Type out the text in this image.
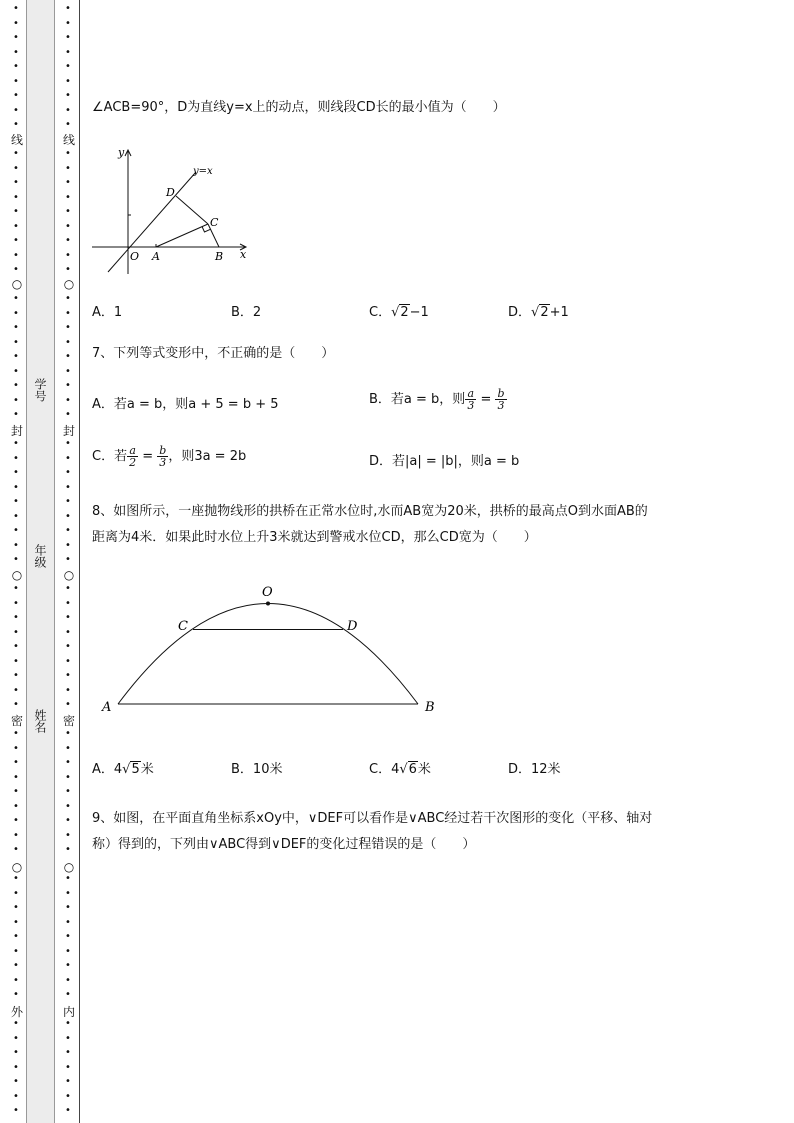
•
•
•
•
•
•
•
•
•
•
•
•
•
•
•
•
•
•
•
•
•
•
•
•
•
•
•
•
•
•
•
•
•
•
•
•
•
•
•
•
•
•
•
•
•
•
•
•
•
•
•
•
•
•
•
•
•
•
•
•
•
•
•
•
•
•
•
•
•
•
•
•
•
•
•
•
•
•
•
•
•
•
•
•
•
•
•
•
•
•
•
•
•
•
•
•
•
•
•
•
•
•
•
•
•
•
•
•
•
•
•
•
•
•
•
•
•
•
•
•
•
•
•
•
•
•
•
•
•
•
•
•
•
•
•
•
•
•
•
•
线
封
密
外
线
封
密
内
○
○
○
○
○
○
学号
年级
姓名
∠ACB=90°，D为直线y=x上的动点，则线段CD长的最小值为（　　）
y
y=x
D
C
O A	B x
A．1	B．2	C．√2−1	D．√2+1
7、下列等式变形中，不正确的是（　　）
A．若a = b，则a + 5 = b + 5	B．若a = b，则 $\frac{a}{3} = \frac{b}{3}$
C．若 $\frac{a}{2} = \frac{b}{3}$ ，则3a = 2b	D．若|a| = |b|，则a = b
8、如图所示，一座抛物线形的拱桥在正常水位时,水而AB宽为20米，拱桥的最高点O到水面AB的
距离为4米．如果此时水位上升3米就达到警戒水位CD，那么CD宽为（　　）
O
C	D
A	B
A．4√5米	B．10米	C．4√6米	D．12米
9、如图，在平面直角坐标系xOy中，∨DEF可以看作是∨ABC经过若干次图形的变化（平移、轴对
称）得到的，下列由∨ABC得到∨DEF的变化过程错误的是（　　）
